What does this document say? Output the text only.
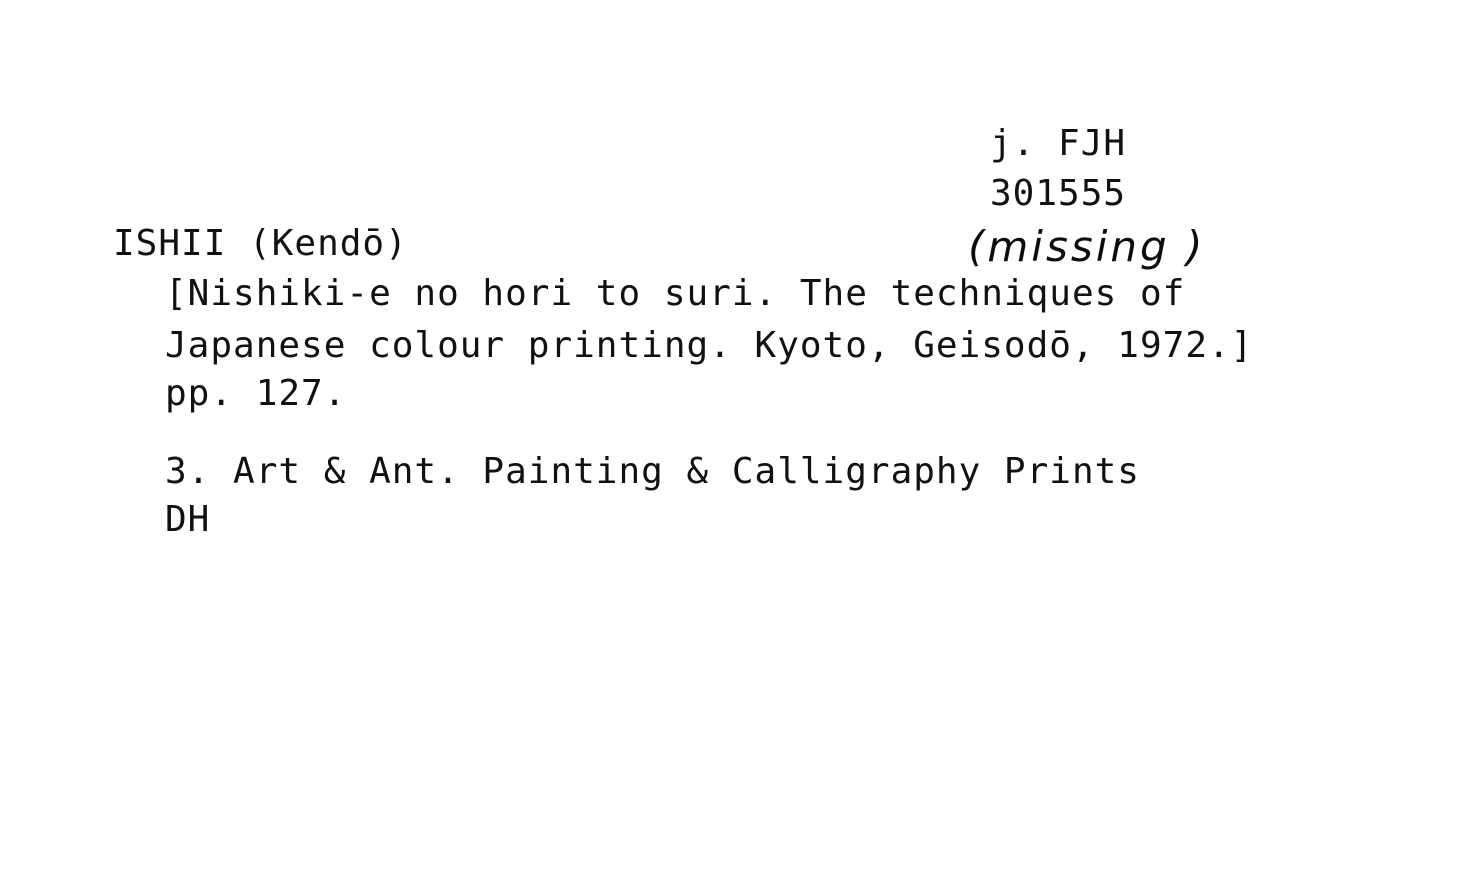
j. FJH
301555
(missing )
ISHII (Kendō)
[Nishiki-e no hori to suri. The techniques of
Japanese colour printing. Kyoto, Geisodō, 1972.]
pp. 127.
3. Art & Ant. Painting & Calligraphy Prints
DH
